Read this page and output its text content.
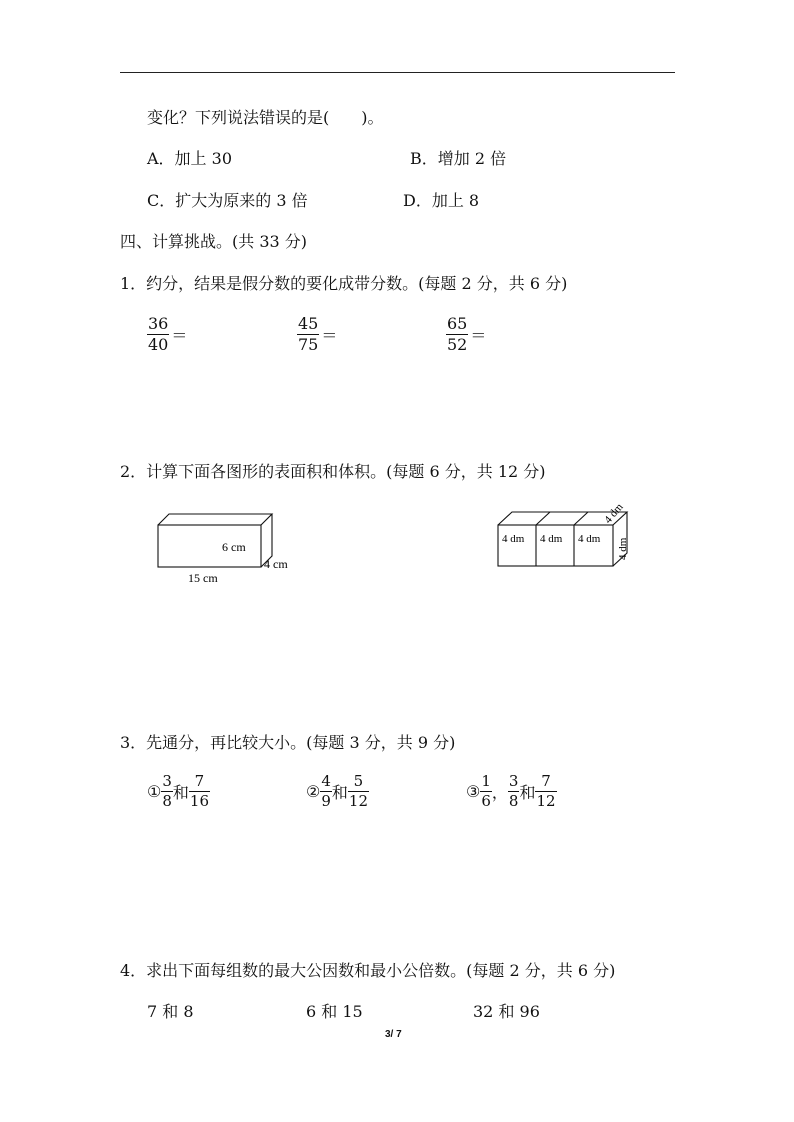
变化？下列说法错误的是(　　)。
A．加上 30	B．增加 2 倍
C．扩大为原来的 3 倍	D．加上 8
四、计算挑战。(共 33 分)
1．约分，结果是假分数的要化成带分数。(每题 2 分，共 6 分)
$\frac{36}{40}$ ＝	$\frac{45}{75}$ ＝	$\frac{65}{52}$ ＝
2．计算下面各图形的表面积和体积。(每题 6 分，共 12 分)
6 cm
4 cm
15 cm
4 dm 4 dm 4 dm
4 dm
4 dm
3．先通分，再比较大小。(每题 3 分，共 9 分)
① $\frac{3}{8}$ 和 $\frac{7}{16}$	② $\frac{4}{9}$ 和 $\frac{5}{12}$	③ $\frac{1}{6}$ ， $\frac{3}{8}$ 和 $\frac{7}{12}$
4．求出下面每组数的最大公因数和最小公倍数。(每题 2 分，共 6 分)
7 和 8	6 和 15	32 和 96
3/ 7
